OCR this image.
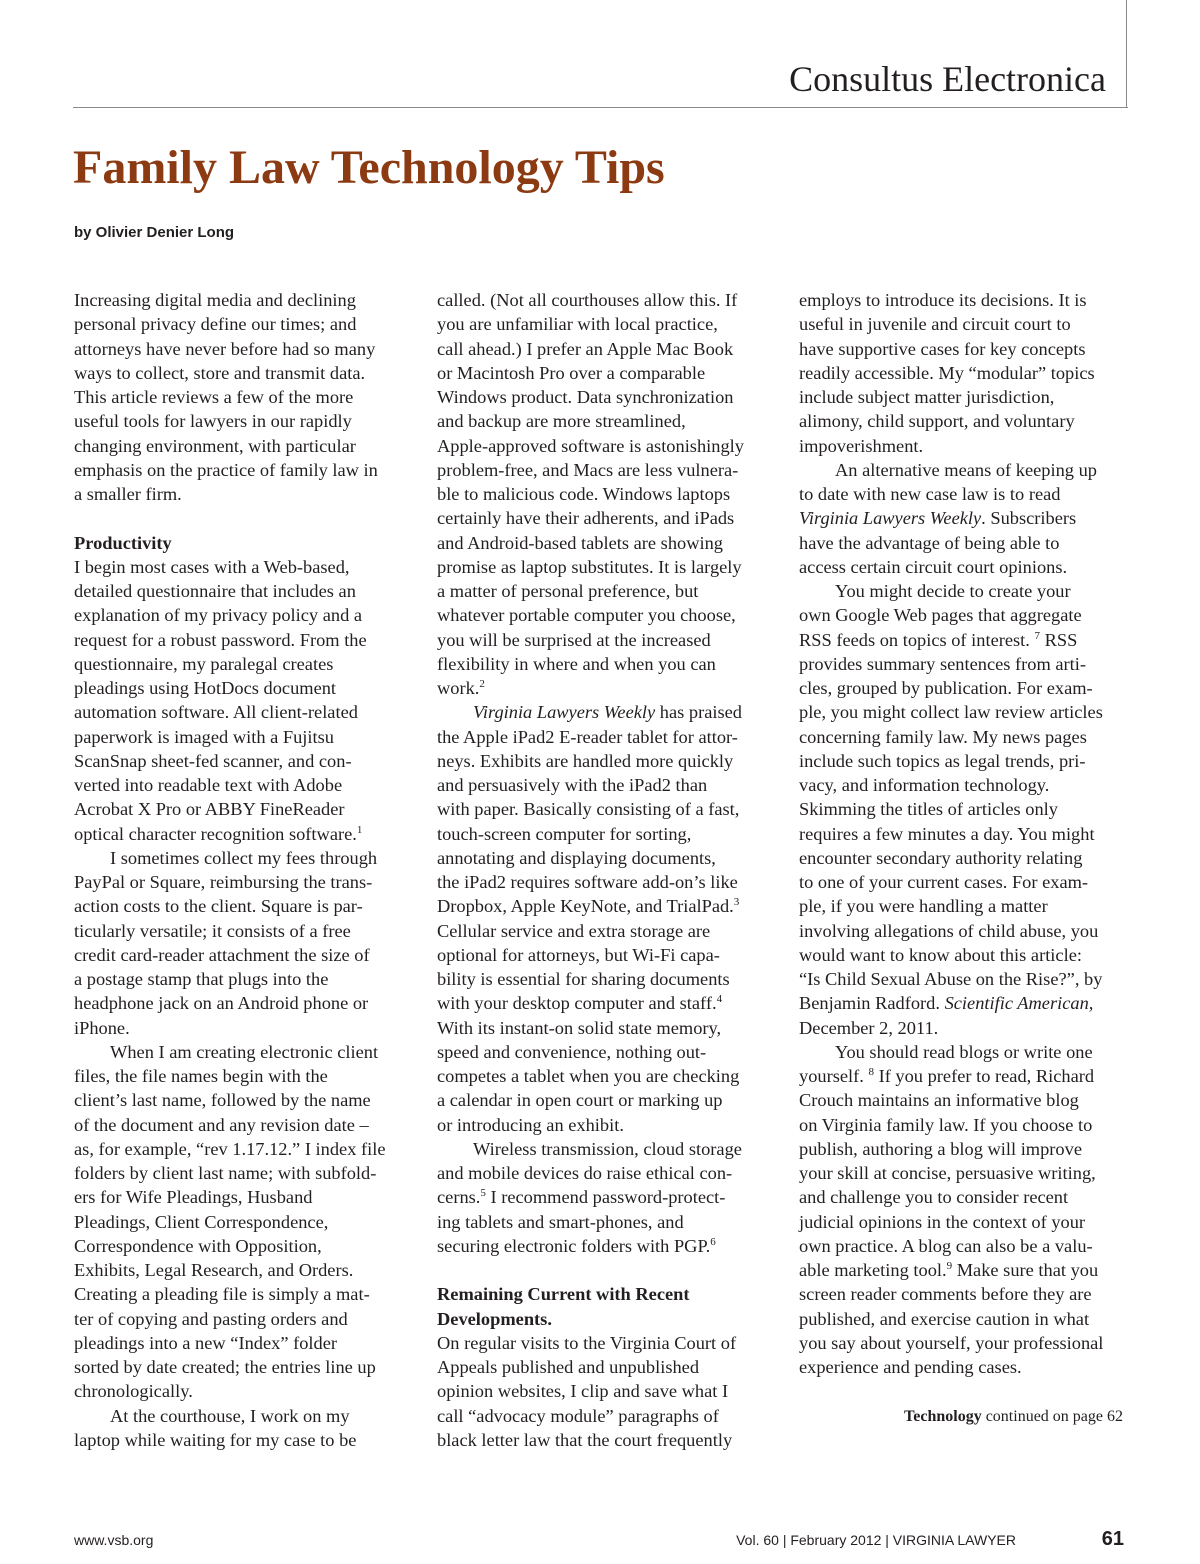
Consultus Electronica
Family Law Technology Tips
by Olivier Denier Long
Increasing digital media and declining
personal privacy define our times; and
attorneys have never before had so many
ways to collect, store and transmit data.
This article reviews a few of the more
useful tools for lawyers in our rapidly
changing environment, with particular
emphasis on the practice of family law in
a smaller firm.
Productivity
I begin most cases with a Web-based,
detailed questionnaire that includes an
explanation of my privacy policy and a
request for a robust password. From the
questionnaire, my paralegal creates
pleadings using HotDocs document
automation software. All client-related
paperwork is imaged with a Fujitsu
ScanSnap sheet-fed scanner, and con-
verted into readable text with Adobe
Acrobat X Pro or ABBY FineReader
optical character recognition software.$^1$
I sometimes collect my fees through
PayPal or Square, reimbursing the trans-
action costs to the client. Square is par-
ticularly versatile; it consists of a free
credit card-reader attachment the size of
a postage stamp that plugs into the
headphone jack on an Android phone or
iPhone.
When I am creating electronic client
files, the file names begin with the
client’s last name, followed by the name
of the document and any revision date –
as, for example, “rev 1.17.12.” I index file
folders by client last name; with subfold-
ers for Wife Pleadings, Husband
Pleadings, Client Correspondence,
Correspondence with Opposition,
Exhibits, Legal Research, and Orders.
Creating a pleading file is simply a mat-
ter of copying and pasting orders and
pleadings into a new “Index” folder
sorted by date created; the entries line up
chronologically.
At the courthouse, I work on my
laptop while waiting for my case to be
called. (Not all courthouses allow this. If
you are unfamiliar with local practice,
call ahead.) I prefer an Apple Mac Book
or Macintosh Pro over a comparable
Windows product. Data synchronization
and backup are more streamlined,
Apple-approved software is astonishingly
problem-free, and Macs are less vulnera-
ble to malicious code. Windows laptops
certainly have their adherents, and iPads
and Android-based tablets are showing
promise as laptop substitutes. It is largely
a matter of personal preference, but
whatever portable computer you choose,
you will be surprised at the increased
flexibility in where and when you can
work.$^2$
Virginia Lawyers Weekly has praised
the Apple iPad2 E-reader tablet for attor-
neys. Exhibits are handled more quickly
and persuasively with the iPad2 than
with paper. Basically consisting of a fast,
touch-screen computer for sorting,
annotating and displaying documents,
the iPad2 requires software add-on’s like
Dropbox, Apple KeyNote, and TrialPad.$^3$
Cellular service and extra storage are
optional for attorneys, but Wi-Fi capa-
bility is essential for sharing documents
with your desktop computer and staff.$^4$
With its instant-on solid state memory,
speed and convenience, nothing out-
competes a tablet when you are checking
a calendar in open court or marking up
or introducing an exhibit.
Wireless transmission, cloud storage
and mobile devices do raise ethical con-
cerns.$^5$ I recommend password-protect-
ing tablets and smart-phones, and
securing electronic folders with PGP.$^6$
Remaining Current with Recent
Developments.
On regular visits to the Virginia Court of
Appeals published and unpublished
opinion websites, I clip and save what I
call “advocacy module” paragraphs of
black letter law that the court frequently
employs to introduce its decisions. It is
useful in juvenile and circuit court to
have supportive cases for key concepts
readily accessible. My “modular” topics
include subject matter jurisdiction,
alimony, child support, and voluntary
impoverishment.
An alternative means of keeping up
to date with new case law is to read
Virginia Lawyers Weekly. Subscribers
have the advantage of being able to
access certain circuit court opinions.
You might decide to create your
own Google Web pages that aggregate
RSS feeds on topics of interest. $^7$ RSS
provides summary sentences from arti-
cles, grouped by publication. For exam-
ple, you might collect law review articles
concerning family law. My news pages
include such topics as legal trends, pri-
vacy, and information technology.
Skimming the titles of articles only
requires a few minutes a day. You might
encounter secondary authority relating
to one of your current cases. For exam-
ple, if you were handling a matter
involving allegations of child abuse, you
would want to know about this article:
“Is Child Sexual Abuse on the Rise?”, by
Benjamin Radford. Scientific American,
December 2, 2011.
You should read blogs or write one
yourself. $^8$ If you prefer to read, Richard
Crouch maintains an informative blog
on Virginia family law. If you choose to
publish, authoring a blog will improve
your skill at concise, persuasive writing,
and challenge you to consider recent
judicial opinions in the context of your
own practice. A blog can also be a valu-
able marketing tool.$^9$ Make sure that you
screen reader comments before they are
published, and exercise caution in what
you say about yourself, your professional
experience and pending cases.
Technology continued on page 62
www.vsb.org	Vol. 60 | February 2012 | VIRGINIA LAWYER	61
